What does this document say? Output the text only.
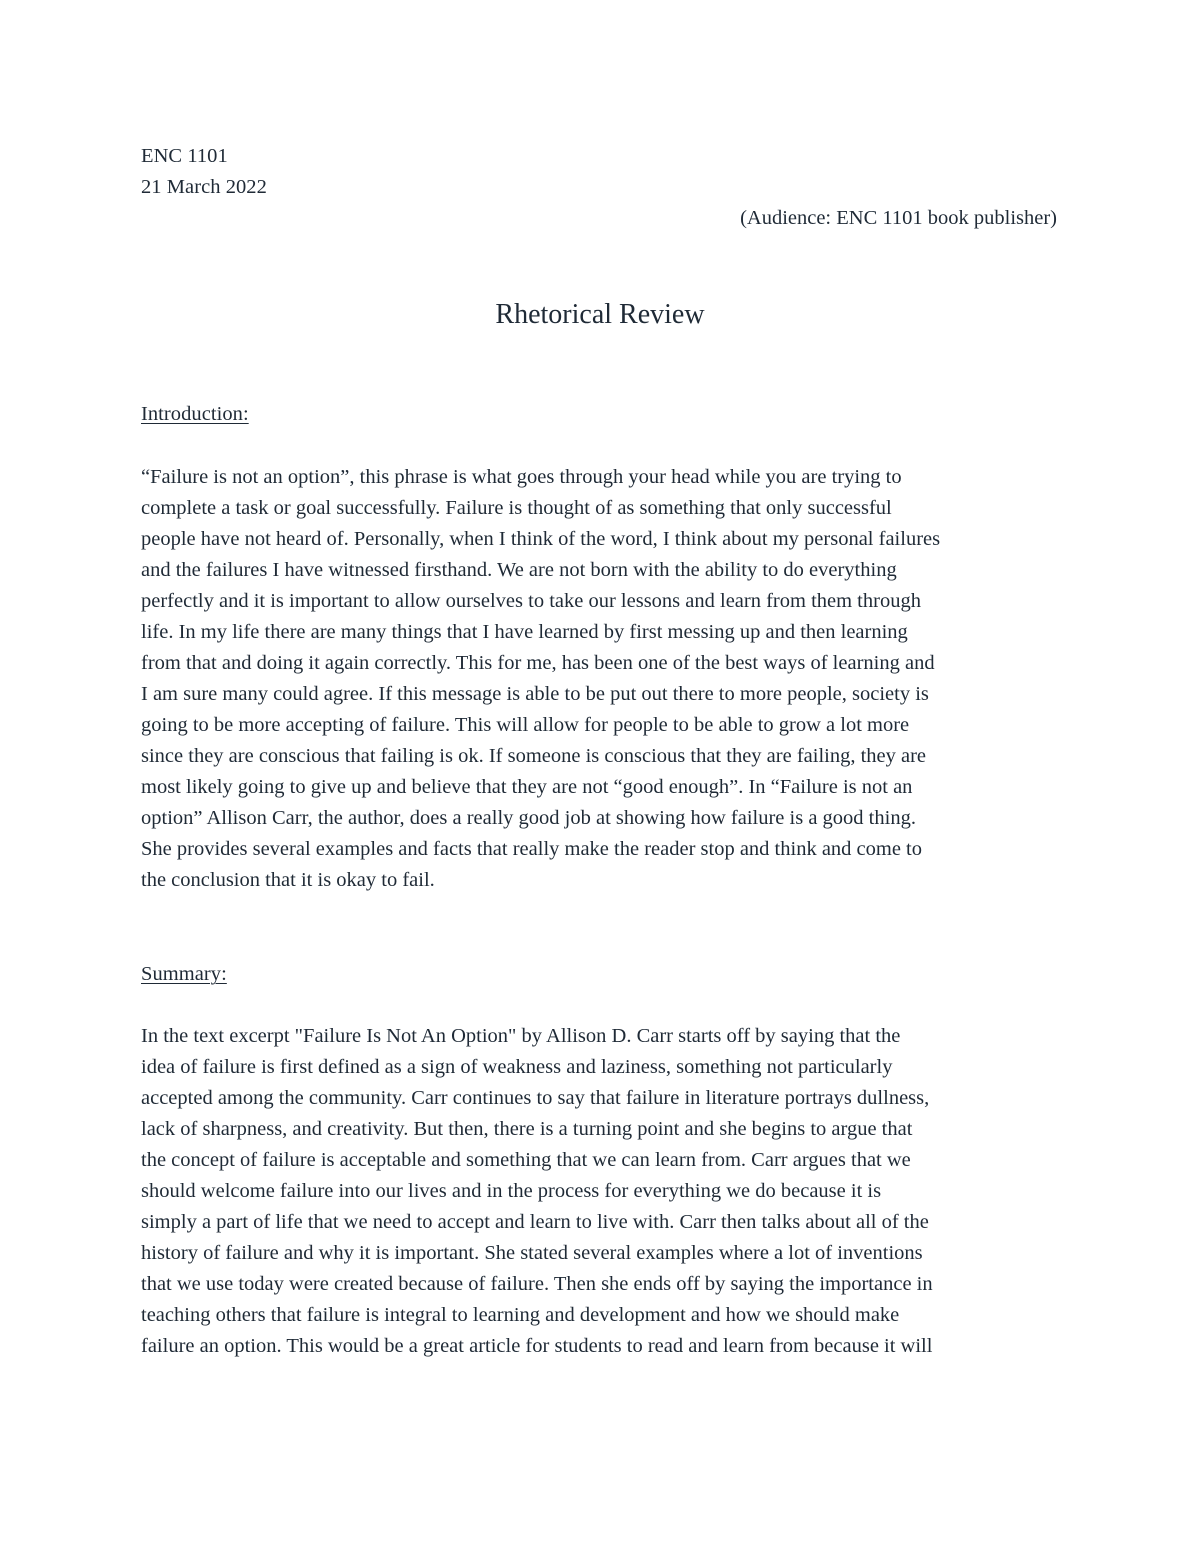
ENC 1101
21 March 2022
(Audience: ENC 1101 book publisher)
Rhetorical Review
Introduction:
“Failure is not an option”, this phrase is what goes through your head while you are trying to
complete a task or goal successfully. Failure is thought of as something that only successful
people have not heard of. Personally, when I think of the word, I think about my personal failures
and the failures I have witnessed firsthand. We are not born with the ability to do everything
perfectly and it is important to allow ourselves to take our lessons and learn from them through
life. In my life there are many things that I have learned by first messing up and then learning
from that and doing it again correctly. This for me, has been one of the best ways of learning and
I am sure many could agree. If this message is able to be put out there to more people, society is
going to be more accepting of failure. This will allow for people to be able to grow a lot more
since they are conscious that failing is ok. If someone is conscious that they are failing, they are
most likely going to give up and believe that they are not “good enough”. In “Failure is not an
option” Allison Carr, the author, does a really good job at showing how failure is a good thing.
She provides several examples and facts that really make the reader stop and think and come to
the conclusion that it is okay to fail.
Summary:
In the text excerpt "Failure Is Not An Option" by Allison D. Carr starts off by saying that the
idea of failure is first defined as a sign of weakness and laziness, something not particularly
accepted among the community. Carr continues to say that failure in literature portrays dullness,
lack of sharpness, and creativity. But then, there is a turning point and she begins to argue that
the concept of failure is acceptable and something that we can learn from. Carr argues that we
should welcome failure into our lives and in the process for everything we do because it is
simply a part of life that we need to accept and learn to live with. Carr then talks about all of the
history of failure and why it is important. She stated several examples where a lot of inventions
that we use today were created because of failure. Then she ends off by saying the importance in
teaching others that failure is integral to learning and development and how we should make
failure an option. This would be a great article for students to read and learn from because it will
